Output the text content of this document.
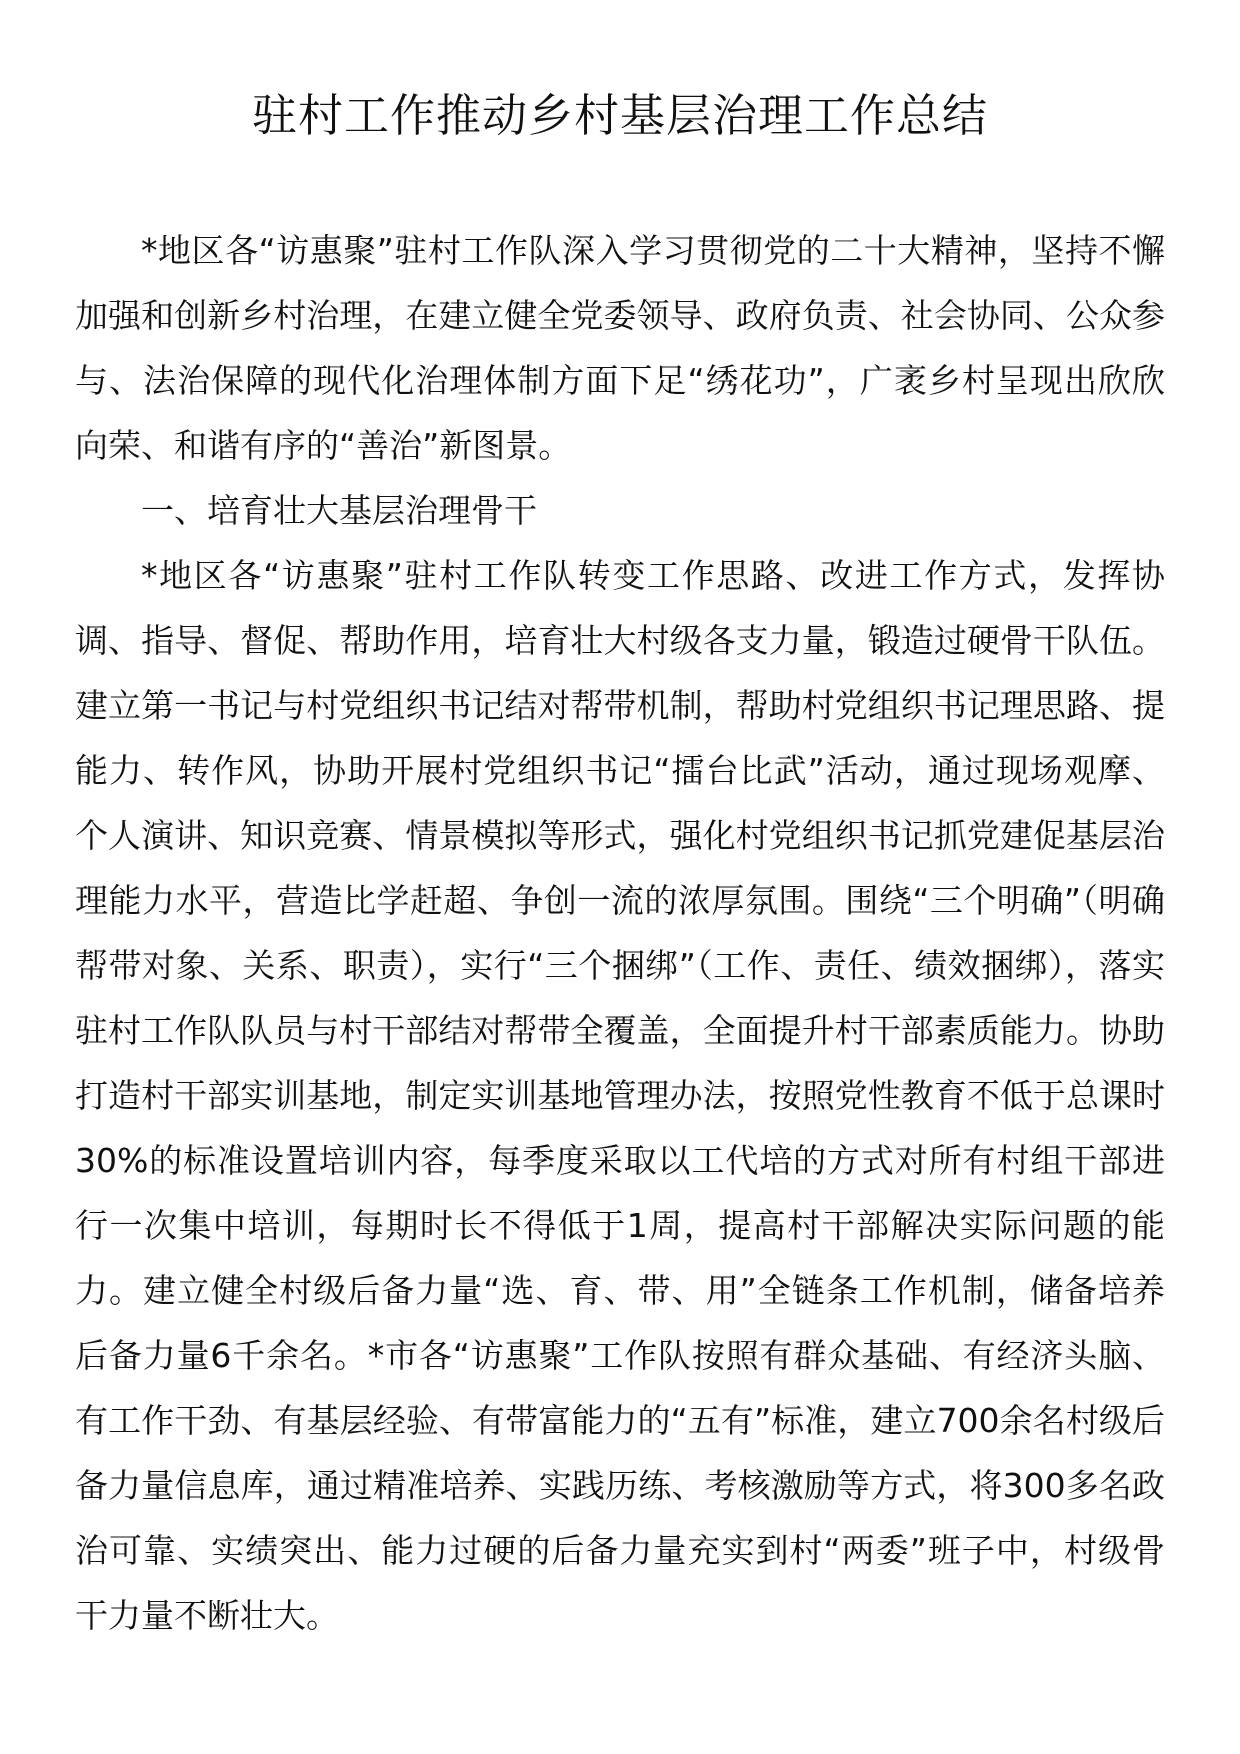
驻村工作推动乡村基层治理工作总结

*地区各“访惠聚”驻村工作队深入学习贯彻党的二十大精神，坚持不懈加强和创新乡村治理，在建立健全党委领导、政府负责、社会协同、公众参与、法治保障的现代化治理体制方面下足“绣花功”，广袤乡村呈现出欣欣向荣、和谐有序的“善治”新图景。

一、培育壮大基层治理骨干

*地区各“访惠聚”驻村工作队转变工作思路、改进工作方式，发挥协调、指导、督促、帮助作用，培育壮大村级各支力量，锻造过硬骨干队伍。建立第一书记与村党组织书记结对帮带机制，帮助村党组织书记理思路、提能力、转作风，协助开展村党组织书记“擂台比武”活动，通过现场观摩、个人演讲、知识竞赛、情景模拟等形式，强化村党组织书记抓党建促基层治理能力水平，营造比学赶超、争创一流的浓厚氛围。围绕“三个明确”（明确帮带对象、关系、职责），实行“三个捆绑”（工作、责任、绩效捆绑），落实驻村工作队队员与村干部结对帮带全覆盖，全面提升村干部素质能力。协助打造村干部实训基地，制定实训基地管理办法，按照党性教育不低于总课时30%的标准设置培训内容，每季度采取以工代培的方式对所有村组干部进行一次集中培训，每期时长不得低于1周，提高村干部解决实际问题的能力。建立健全村级后备力量“选、育、带、用”全链条工作机制，储备培养后备力量6千余名。*市各“访惠聚”工作队按照有群众基础、有经济头脑、有工作干劲、有基层经验、有带富能力的“五有”标准，建立700余名村级后备力量信息库，通过精准培养、实践历练、考核激励等方式，将300多名政治可靠、实绩突出、能力过硬的后备力量充实到村“两委”班子中，村级骨干力量不断壮大。
